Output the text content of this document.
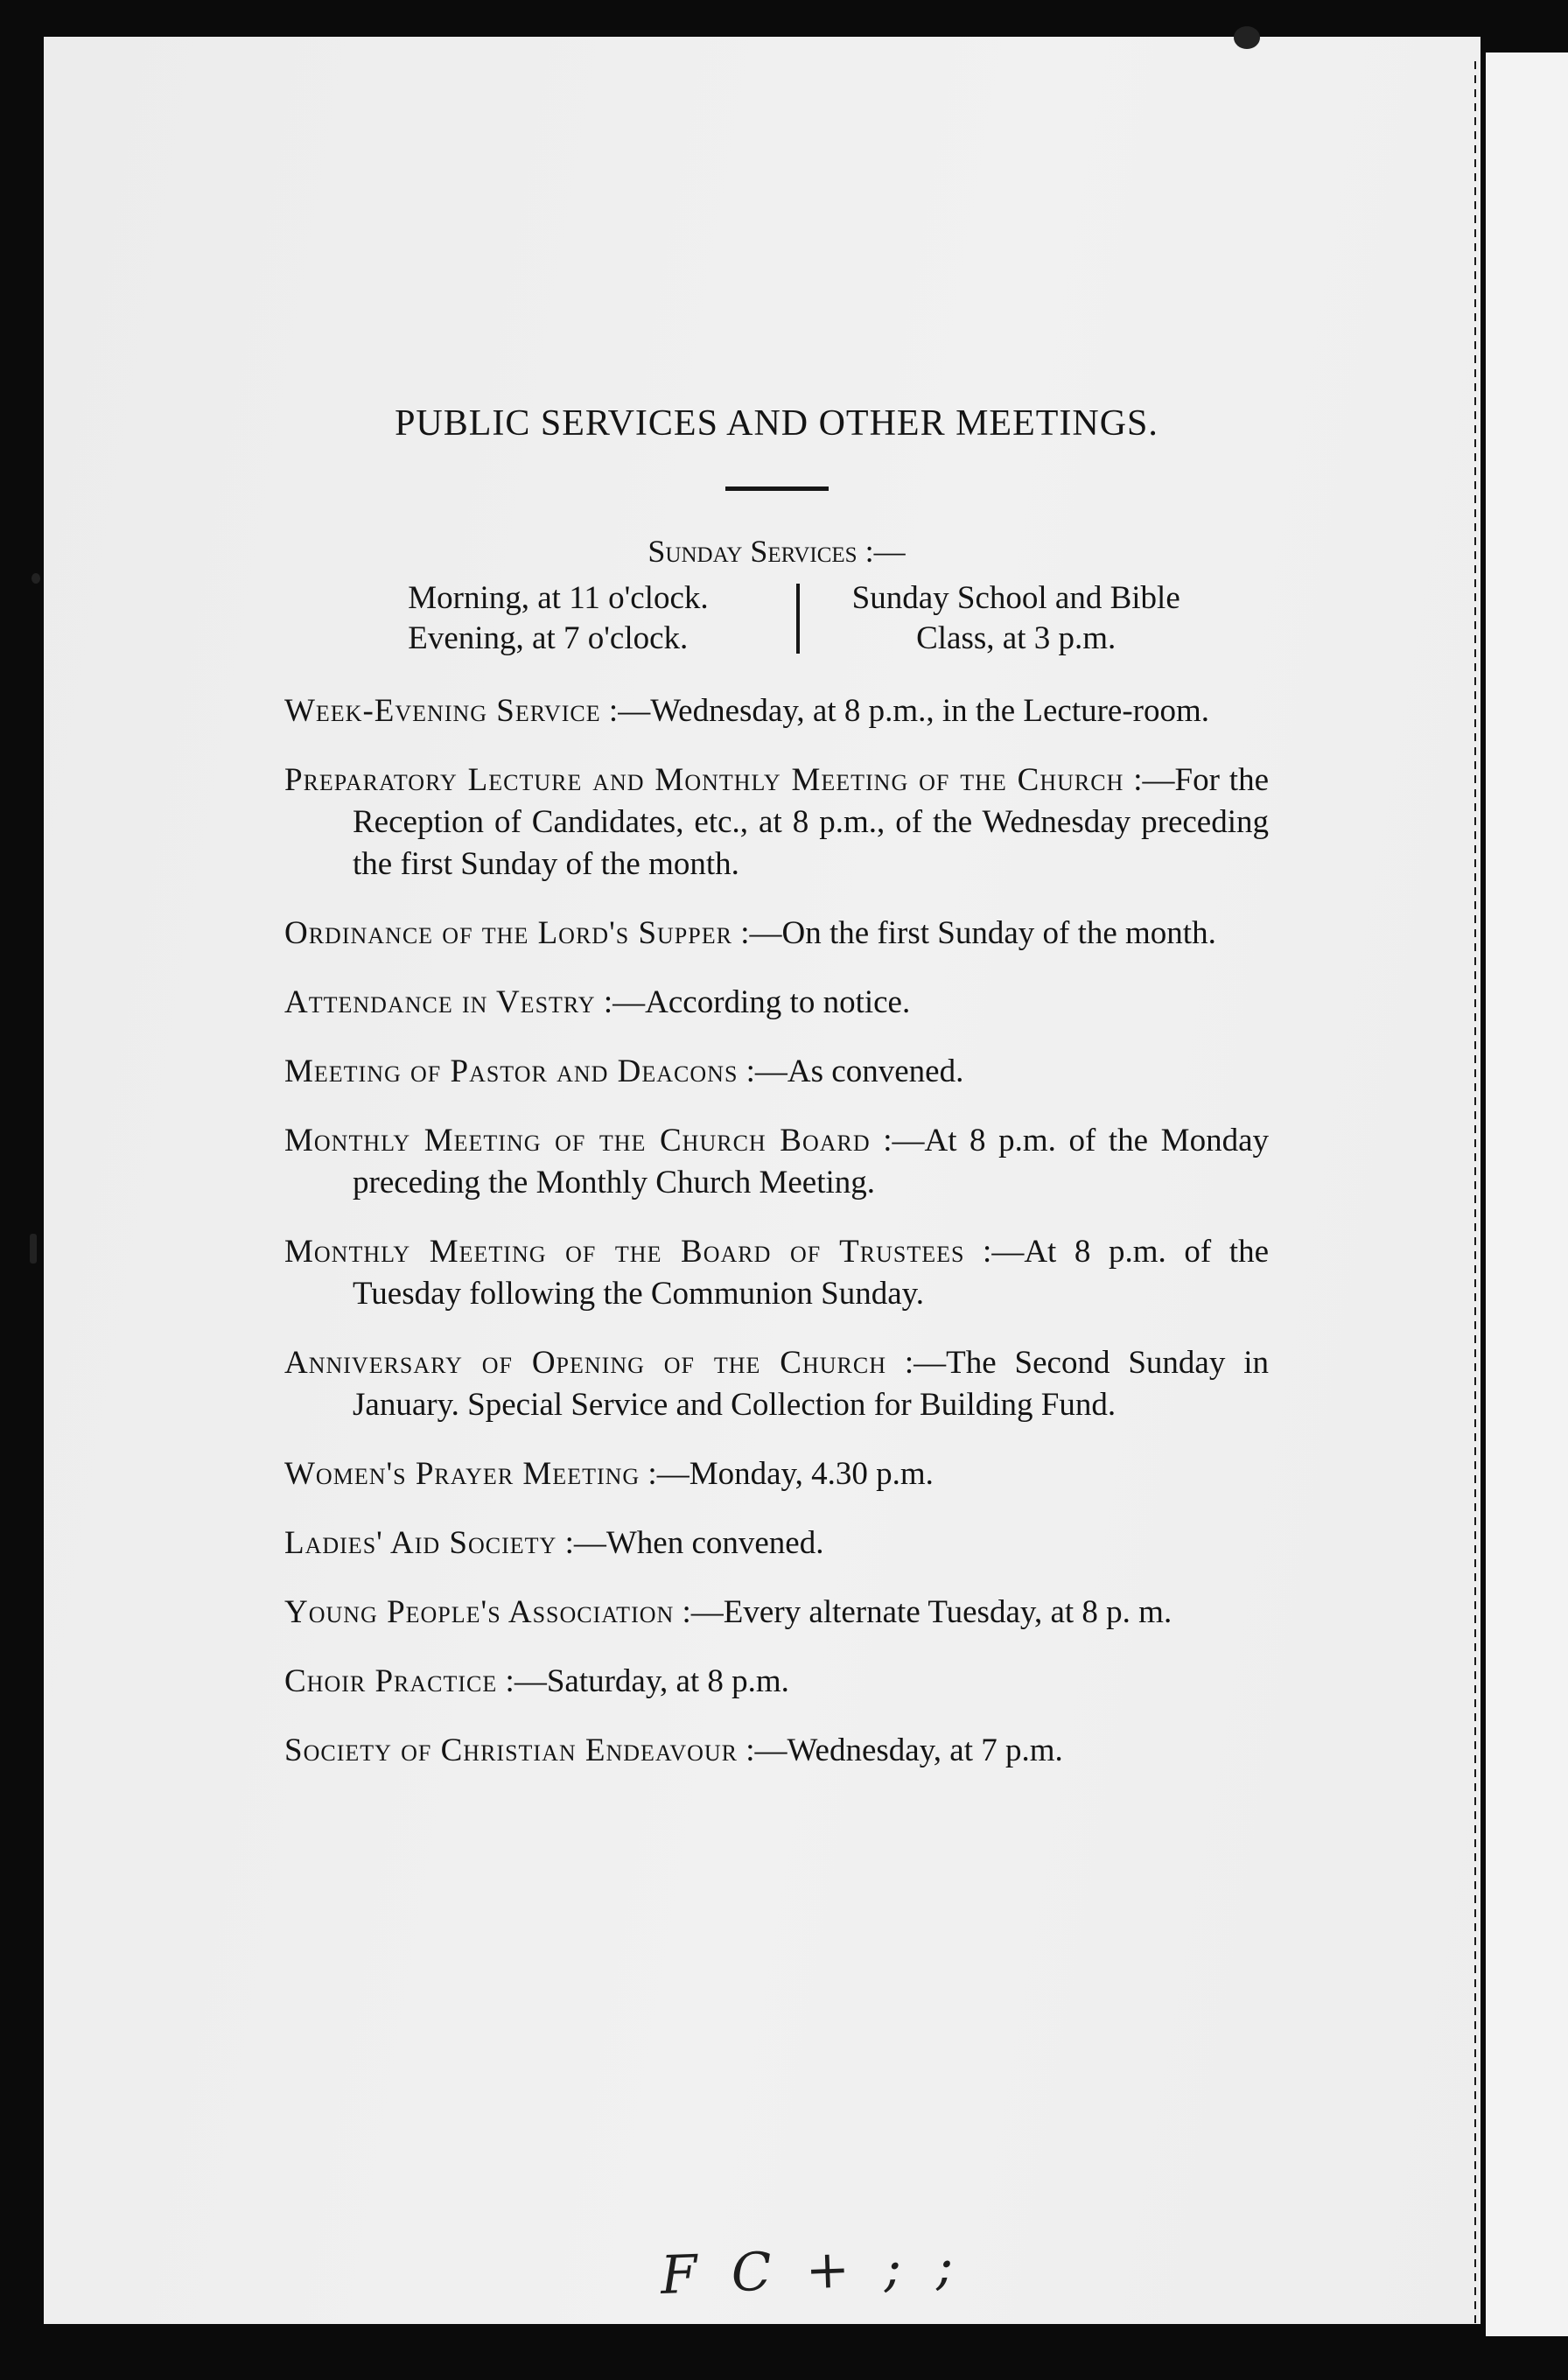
PUBLIC SERVICES AND OTHER MEETINGS.
Sunday Services :—
Morning, at 11 o'clock.
Evening, at 7 o'clock.
Sunday School and Bible
Class, at 3 p.m.

Week-Evening Service :—Wednesday, at 8 p.m., in the Lecture-room.

Preparatory Lecture and Monthly Meeting of the Church :—For the Reception of Candidates, etc., at 8 p.m., of the Wednesday preceding the first Sunday of the month.

Ordinance of the Lord's Supper :—On the first Sunday of the month.

Attendance in Vestry :—According to notice.

Meeting of Pastor and Deacons :—As convened.

Monthly Meeting of the Church Board :—At 8 p.m. of the Monday preceding the Monthly Church Meeting.

Monthly Meeting of the Board of Trustees :—At 8 p.m. of the Tuesday following the Communion Sunday.

Anniversary of Opening of the Church :—The Second Sunday in January. Special Service and Collection for Building Fund.

Women's Prayer Meeting :—Monday, 4.30 p.m.

Ladies' Aid Society :—When convened.

Young People's Association :—Every alternate Tuesday, at 8 p. m.

Choir Practice :—Saturday, at 8 p.m.

Society of Christian Endeavour :—Wednesday, at 7 p.m.

F C + ; ;
